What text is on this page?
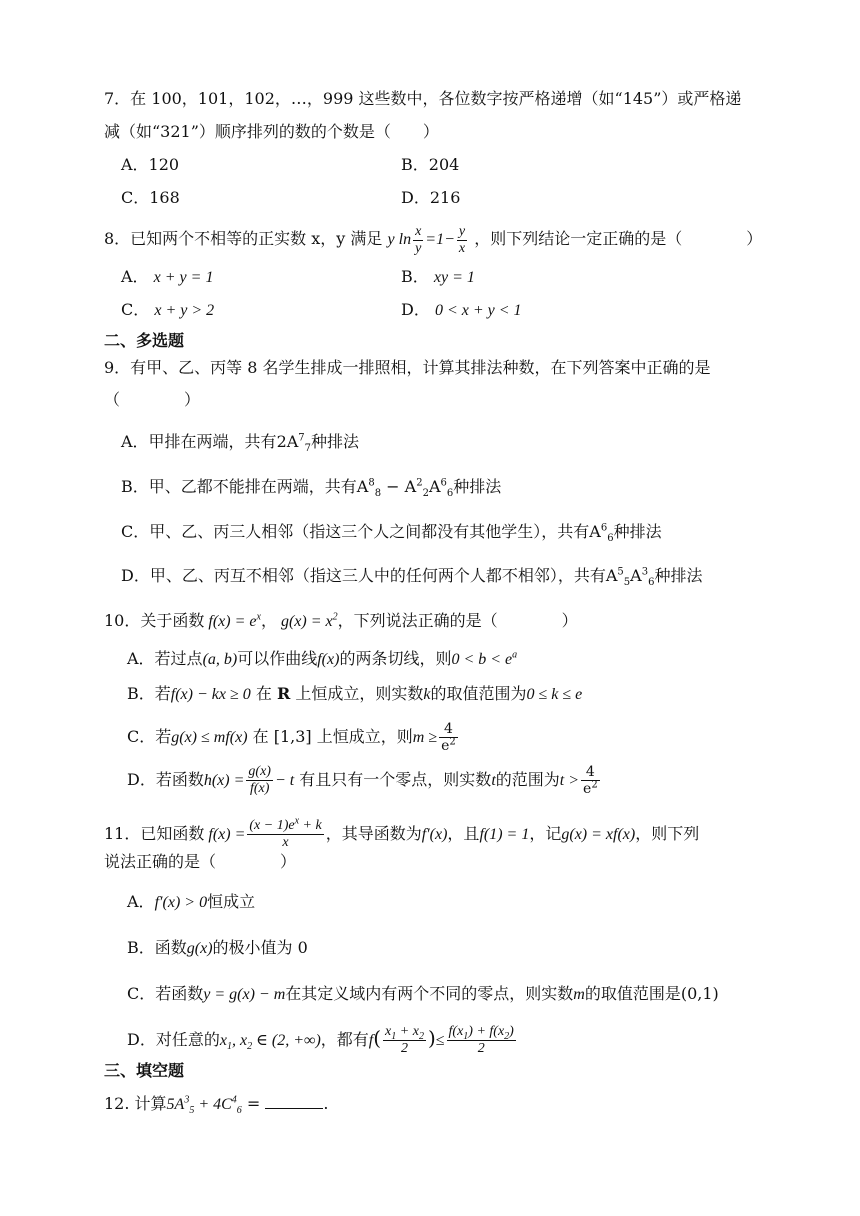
7．在 100，101，102，…，999 这些数中，各位数字按严格递增（如“145”）或严格递
减（如“321”）顺序排列的数的个数是（　　）
A．120	B．204
C．168	D．216
8．已知两个不相等的正实数 x，y 满足 y $\ln \frac{x}{y} =1- \frac{y}{x}$ ，则下列结论一定正确的是（　　　　）
A． x + y = 1	B． xy = 1
C． x + y > 2	D． 0 < x + y < 1
二、多选题
9．有甲、乙、丙等 8 名学生排成一排照相，计算其排法种数，在下列答案中正确的是
（　　　　）
A．甲排在两端，共有$2A^7_7$种排法
B．甲、乙都不能排在两端，共有$A^8_8 - A^2_2A^6_6$种排法
C．甲、乙、丙三人相邻（指这三个人之间都没有其他学生），共有$A^6_6$种排法
D．甲、乙、丙互不相邻（指这三人中的任何两个人都不相邻），共有$A^5_5A^3_6$种排法
10．关于函数 $f(x) = e^x$， $g(x) = x^2$，下列说法正确的是（　　　　）
A．若过点(a, b)可以作曲线f(x)的两条切线，则$0 < b < e^a$
B．若f(x) − kx ≥ 0 在 R 上恒成立，则实数k的取值范围为0 ≤ k ≤ e
C．若g(x) ≤ mf(x) 在 [1,3] 上恒成立，则$m \ge \frac{4}{e^2}$
D．若函数$h(x) = \frac{g(x)}{f(x)} - t$ 有且只有一个零点，则实数t的范围为$t > \frac{4}{e^2}$
11．已知函数 $f(x) = \frac{(x - 1)e^x + k}{x}$ ，其导函数为f′(x)，且f(1) = 1，记g(x) = xf(x)，则下列
说法正确的是（　　　　）
A．f′(x) > 0恒成立
B．函数g(x)的极小值为 0
C．若函数y = g(x) − m在其定义域内有两个不同的零点，则实数m的取值范围是(0,1)
D．对任意的$x_1$, $x_2$ ∈ (2, +∞)，都有$f( \frac{x_1 + x_2}{2}$ )≤ $\frac{f(x_1) + f(x_2)}{2}$
三、填空题
12. 计算$5A^3_5 + 4C^4_6$ =	.
